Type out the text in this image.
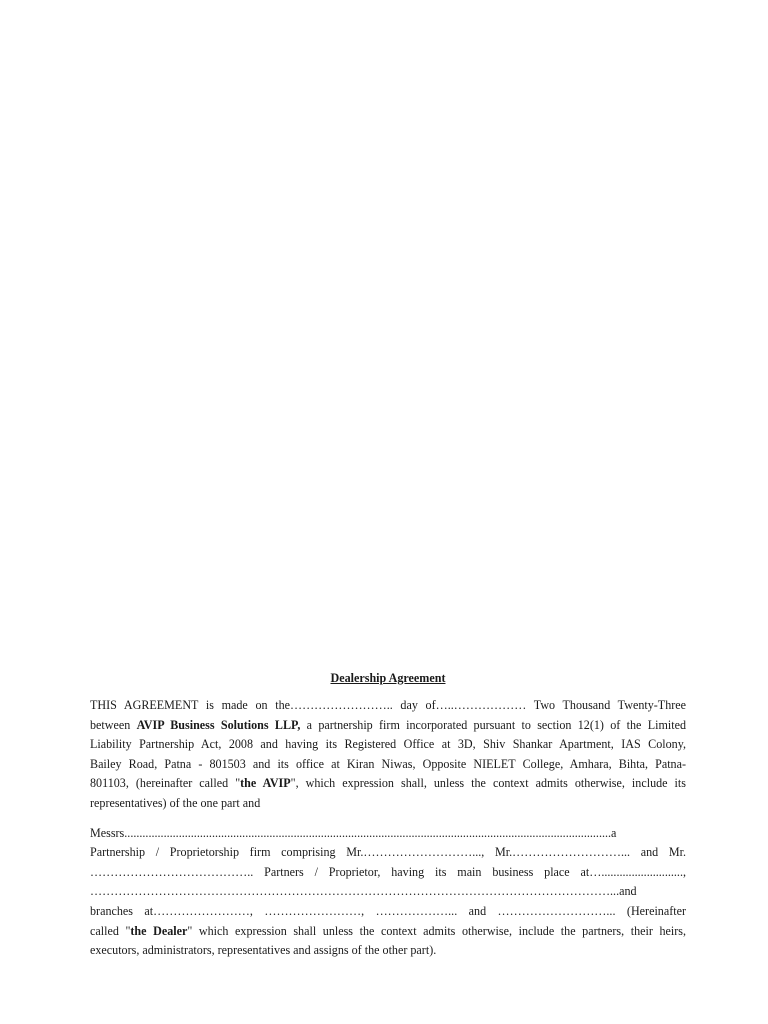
Dealership Agreement
THIS AGREEMENT is made on the…………………….. day of…..……………… Two Thousand Twenty-Three
between AVIP Business Solutions LLP, a partnership firm incorporated pursuant to section 12(1) of the Limited
Liability Partnership Act, 2008 and having its Registered Office at 3D, Shiv Shankar Apartment, IAS Colony,
Bailey Road, Patna - 801503 and its office at Kiran Niwas, Opposite NIELET College, Amhara, Bihta, Patna-
801103, (hereinafter called "the AVIP", which expression shall, unless the context admits otherwise, include its
representatives) of the one part and
Messrs.................................................................................................................................................................a
Partnership / Proprietorship firm comprising Mr.………………………..., Mr.………………………... and Mr.
………………………………….. Partners / Proprietor, having its main business place at…...........................,
…………………………………………………………………………………………………………………...and
branches at……………………, ……………………, ………………... and ………………………... (Hereinafter
called "the Dealer" which expression shall unless the context admits otherwise, include the partners, their heirs,
executors, administrators, representatives and assigns of the other part).
